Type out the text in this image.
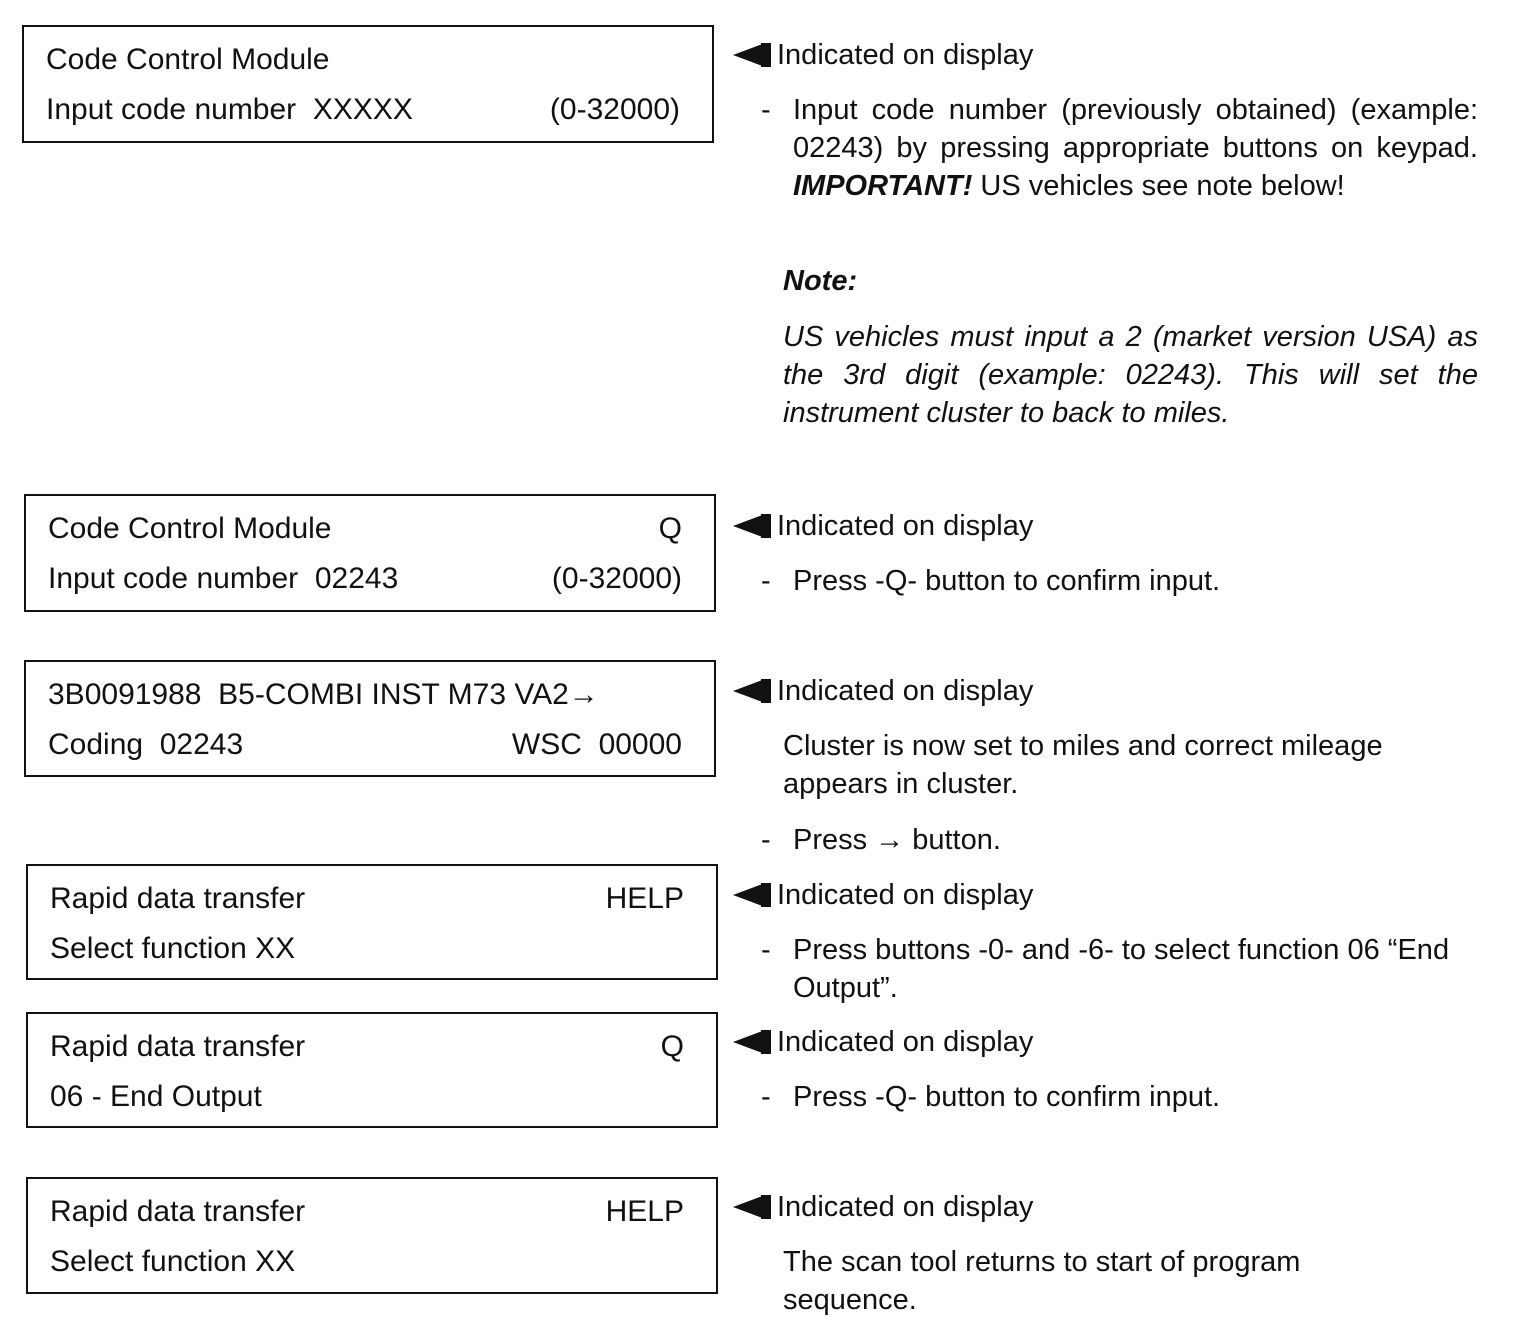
Code Control Module
Input code number  XXXXX	(0-32000)
Indicated on display
- Input code number (previously obtained) (example: 02243) by pressing appropriate buttons on keypad. IMPORTANT! US vehicles see note below!
Note:
US vehicles must input a 2 (market version USA) as the 3rd digit (example: 02243). This will set the instrument cluster to back to miles.
Code Control Module	Q
Input code number  02243	(0-32000)
Indicated on display
- Press -Q- button to confirm input.
3B0091988  B5-COMBI INST M73 VA2→
Coding  02243	WSC  00000
Indicated on display
Cluster is now set to miles and correct mileage appears in cluster.
- Press → button.
Rapid data transfer	HELP
Select function XX
Indicated on display
- Press buttons -0- and -6- to select function 06 “End Output”.
Rapid data transfer	Q
06 - End Output
Indicated on display
- Press -Q- button to confirm input.
Rapid data transfer	HELP
Select function XX
Indicated on display
The scan tool returns to start of program sequence.
